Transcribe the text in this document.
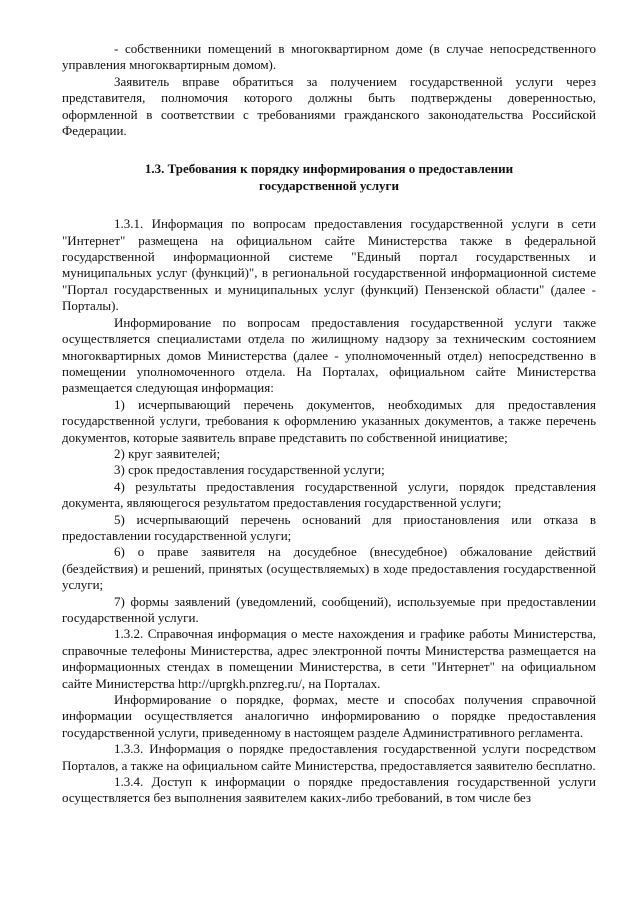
- собственники помещений в многоквартирном доме (в случае непосредственного управления многоквартирным домом).

Заявитель вправе обратиться за получением государственной услуги через представителя, полномочия которого должны быть подтверждены доверенностью, оформленной в соответствии с требованиями гражданского законодательства Российской Федерации.

1.3. Требования к порядку информирования о предоставлении
государственной услуги

1.3.1. Информация по вопросам предоставления государственной услуги в сети "Интернет" размещена на официальном сайте Министерства также в федеральной государственной информационной системе "Единый портал государственных и муниципальных услуг (функций)", в региональной государственной информационной системе "Портал государственных и муниципальных услуг (функций) Пензенской области" (далее - Порталы).

Информирование по вопросам предоставления государственной услуги также осуществляется специалистами отдела по жилищному надзору за техническим состоянием многоквартирных домов Министерства (далее - уполномоченный отдел) непосредственно в помещении уполномоченного отдела. На Порталах, официальном сайте Министерства размещается следующая информация:

1) исчерпывающий перечень документов, необходимых для предоставления государственной услуги, требования к оформлению указанных документов, а также перечень документов, которые заявитель вправе представить по собственной инициативе;

2) круг заявителей;

3) срок предоставления государственной услуги;

4) результаты предоставления государственной услуги, порядок представления документа, являющегося результатом предоставления государственной услуги;

5) исчерпывающий перечень оснований для приостановления или отказа в предоставлении государственной услуги;

6) о праве заявителя на досудебное (внесудебное) обжалование действий (бездействия) и решений, принятых (осуществляемых) в ходе предоставления государственной услуги;

7) формы заявлений (уведомлений, сообщений), используемые при предоставлении государственной услуги.

1.3.2. Справочная информация о месте нахождения и графике работы Министерства, справочные телефоны Министерства, адрес электронной почты Министерства размещается на информационных стендах в помещении Министерства, в сети "Интернет" на официальном сайте Министерства http://uprgkh.pnzreg.ru/, на Порталах.

Информирование о порядке, формах, месте и способах получения справочной информации осуществляется аналогично информированию о порядке предоставления государственной услуги, приведенному в настоящем разделе Административного регламента.

1.3.3. Информация о порядке предоставления государственной услуги посредством Порталов, а также на официальном сайте Министерства, предоставляется заявителю бесплатно.

1.3.4. Доступ к информации о порядке предоставления государственной услуги осуществляется без выполнения заявителем каких-либо требований, в том числе без
